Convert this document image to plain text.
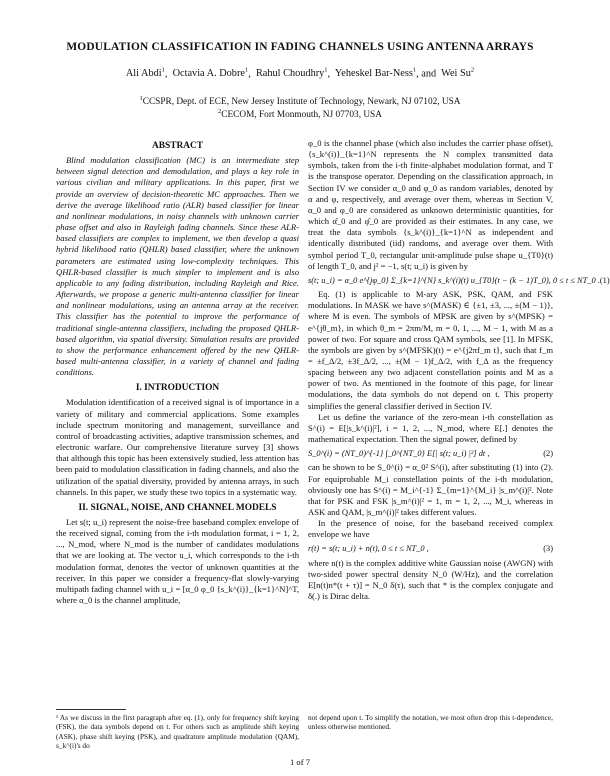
MODULATION CLASSIFICATION IN FADING CHANNELS USING ANTENNA ARRAYS
Ali Abdi$^1$,  Octavia A. Dobre$^1$,  Rahul Choudhry$^1$,  Yeheskel Bar-Ness$^1$, and  Wei Su$^2$
$^1$CCSPR, Dept. of ECE, New Jersey Institute of Technology, Newark, NJ 07102, USA
$^2$CECOM, Fort Monmouth, NJ 07703, USA
ABSTRACT

Blind modulation classification (MC) is an intermediate step between signal detection and demodulation, and plays a key role in various civilian and military applications. In this paper, first we provide an overview of decision-theoretic MC approaches. Then we derive the average likelihood ratio (ALR) based classifier for linear and nonlinear modulations, in noisy channels with unknown carrier phase offset and also in Rayleigh fading channels. Since these ALR-based classifiers are complex to implement, we then develop a quasi hybrid likelihood ratio (QHLR) based classifier, where the unknown parameters are estimated using low-complexity techniques. This QHLR-based classifier is much simpler to implement and is also applicable to any fading distribution, including Rayleigh and Rice. Afterwards, we propose a generic multi-antenna classifier for linear and nonlinear modulations, using an antenna array at the receiver. This classifier has the potential to improve the performance of traditional single-antenna classifiers, including the proposed QHLR-based algorithm, via spatial diversity. Simulation results are provided to show the performance enhancement offered by the new QHLR-based multi-antenna classifier, in a variety of channel and fading conditions.

I. INTRODUCTION

Modulation identification of a received signal is of importance in a variety of military and commercial applications. Some examples include spectrum monitoring and management, surveillance and control of broadcasting activities, adaptive transmission schemes, and electronic warfare. Our comprehensive literature survey [3] shows that although this topic has been extensively studied, less attention has been paid to modulation classification in fading channels, and also the utilization of the spatial diversity, provided by antenna arrays, in such channels. In this paper, we study these two topics in a systematic way.

II. SIGNAL, NOISE, AND CHANNEL MODELS

Let s(t; u_i) represent the noise-free baseband complex envelope of the received signal, coming from the i-th modulation format, i = 1, 2, ..., N_mod, where N_mod is the number of candidates modulations that we are looking at. The vector u_i, which corresponds to the i-th modulation format, denotes the vector of unknown quantities at the receiver. In this paper we consider a frequency-flat slowly-varying multipath fading channel with u_i = [α_0 φ_0 {s_k^(i)}_{k=1}^N]^T, where α_0 is the channel amplitude,

φ_0 is the channel phase (which also includes the carrier phase offset), {s_k^(i)}_{k=1}^N represents the N complex transmitted data symbols, taken from the i-th finite-alphabet modulation format, and T is the transpose operator. Depending on the classification approach, in Section IV we consider α_0 and φ_0 as random variables, denoted by α and φ, respectively, and average over them, whereas in Section V, α_0 and φ_0 are considered as unknown deterministic quantities, for which α̂_0 and φ̂_0 are provided as their estimates. In any case, we treat the data symbols {s_k^(i)}_{k=1}^N as independent and identically distributed (iid) randoms, and average over them. With symbol period T_0, rectangular unit-amplitude pulse shape u_{T0}(t) of length T_0, and j² = −1, s(t; u_i) is given by

s(t; u_i) = α_0 e^{jφ_0} Σ_{k=1}^{N} s_k^(i)(t) u_{T0}(t − (k − 1)T_0), 0 ≤ t ≤ NT_0 . (1)

Eq. (1) is applicable to M-ary ASK, PSK, QAM, and FSK modulations. In MASK we have s^(MASK) ∈ {±1, ±3, ..., ±(M − 1)}, where M is even. The symbols of MPSK are given by s^(MPSK) = e^{jθ_m}, in which θ_m = 2πm/M, m = 0, 1, ..., M − 1, with M as a power of two. For square and cross QAM symbols, see [1]. In MFSK, the symbols are given by s^(MFSK)(t) = e^{j2πf_m t}, such that f_m = ±f_Δ/2, ±3f_Δ/2, ..., ±(M − 1)f_Δ/2, with f_Δ as the frequency spacing between any two adjacent constellation points and M as a power of two. As mentioned in the footnote of this page, for linear modulations, the data symbols do not depend on t. This property simplifies the general classifier derived in Section IV.

Let us define the variance of the zero-mean i-th constellation as S^(i) = E[|s_k^(i)|²], i = 1, 2, ..., N_mod, where E[.] denotes the mathematical expectation. Then the signal power, defined by

S_0^(i) = (NT_0)^{-1} ∫_0^{NT_0} E[| s(t; u_i) |²] dt ,	(2)

can be shown to be S_0^(i) = α_0² S^(i), after substituting (1) into (2). For equiprobable M_i constellation points of the i-th modulation, obviously one has S^(i) = M_i^{-1} Σ_{m=1}^{M_i} |s_m^(i)|². Note that for PSK and FSK |s_m^(i)|² = 1, m = 1, 2, ..., M_i, whereas in ASK and QAM, |s_m^(i)|² takes different values.

In the presence of noise, for the baseband received complex envelope we have

r(t) = s(t; u_i) + n(t), 0 ≤ t ≤ NT_0 ,	(3)

where n(t) is the complex additive white Gaussian noise (AWGN) with two-sided power spectral density N_0 (W/Hz), and the correlation E[n(t)n*(t + τ)] = N_0 δ(τ), such that * is the complex conjugate and δ(.) is Dirac delta.

¹ As we discuss in the first paragraph after eq. (1), only for frequency shift keying (FSK), the data symbols depend on t. For others such as amplitude shift keying (ASK), phase shift keying (PSK), and quadrature amplitude modulation (QAM), s_k^(i)'s do
not depend upon t. To simplify the notation, we most often drop this t-dependence, unless otherwise mentioned.
1 of 7
